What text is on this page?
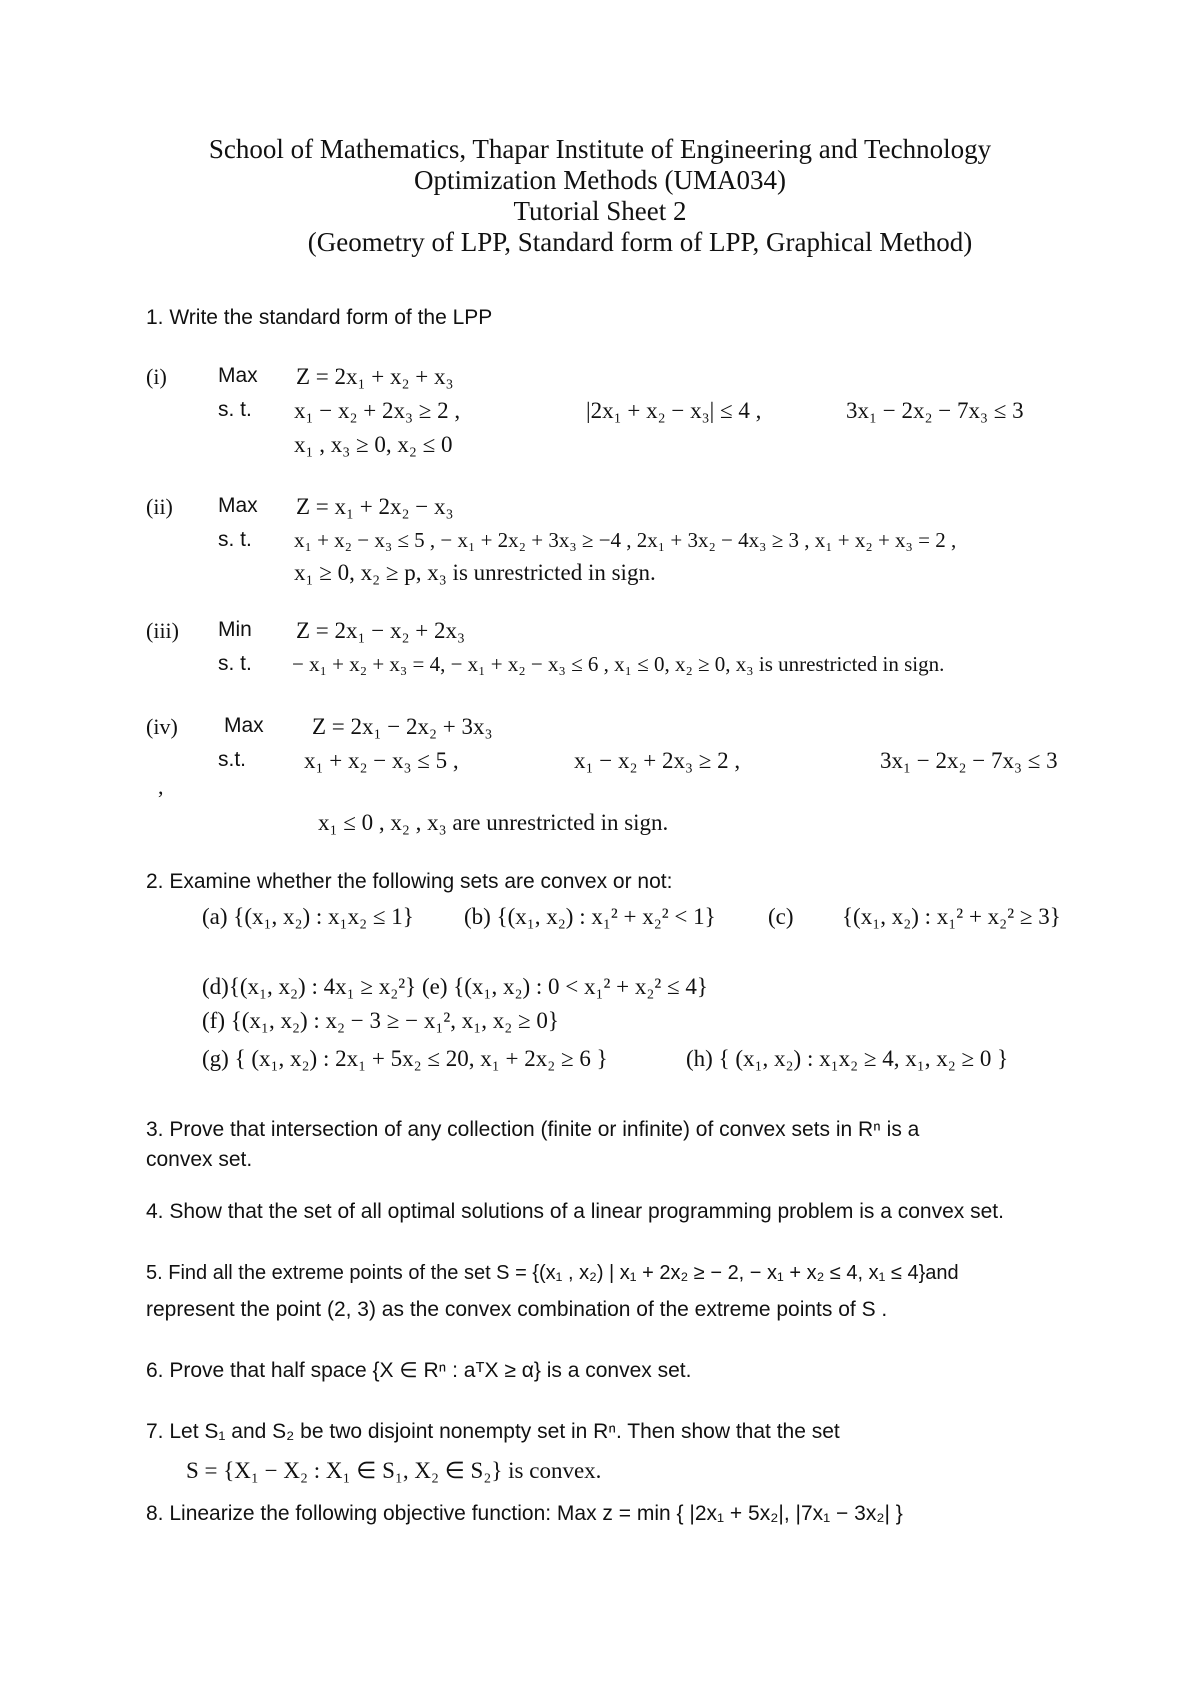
School of Mathematics, Thapar Institute of Engineering and Technology
Optimization Methods (UMA034)
Tutorial Sheet 2
(Geometry of LPP, Standard form of LPP, Graphical Method)
1. Write the standard form of the LPP
(i) Max Z = 2x₁ + x₂ + x₃
s. t. x₁ − x₂ + 2x₃ ≥ 2 ,	|2x₁ + x₂ − x₃| ≤ 4 ,	3x₁ − 2x₂ − 7x₃ ≤ 3
x₁ , x₃ ≥ 0, x₂ ≤ 0
(ii) Max Z = x₁ + 2x₂ − x₃
s. t. x₁ + x₂ − x₃ ≤ 5 , − x₁ + 2x₂ + 3x₃ ≥ −4 , 2x₁ + 3x₂ − 4x₃ ≥ 3 , x₁ + x₂ + x₃ = 2 ,
x₁ ≥ 0, x₂ ≥ p, x₃ is unrestricted in sign.
(iii) Min Z = 2x₁ − x₂ + 2x₃
s. t. − x₁ + x₂ + x₃ = 4, − x₁ + x₂ − x₃ ≤ 6 , x₁ ≤ 0, x₂ ≥ 0, x₃ is unrestricted in sign.
(iv) Max Z = 2x₁ − 2x₂ + 3x₃
s.t.	x₁ + x₂ − x₃ ≤ 5 ,	x₁ − x₂ + 2x₃ ≥ 2 ,	3x₁ − 2x₂ − 7x₃ ≤ 3
,
x₁ ≤ 0 , x₂ , x₃ are unrestricted in sign.
2. Examine whether the following sets are convex or not:
(a) {(x₁, x₂) : x₁x₂ ≤ 1} (b) {(x₁, x₂) : x₁² + x₂² < 1} (c) {(x₁, x₂) : x₁² + x₂² ≥ 3}
(d){(x₁, x₂) : 4x₁ ≥ x₂²} (e) {(x₁, x₂) : 0 < x₁² + x₂² ≤ 4}
(f) {(x₁, x₂) : x₂ − 3 ≥ − x₁², x₁, x₂ ≥ 0}
(g) { (x₁, x₂) : 2x₁ + 5x₂ ≤ 20, x₁ + 2x₂ ≥ 6 }	(h) { (x₁, x₂) : x₁x₂ ≥ 4, x₁, x₂ ≥ 0 }
3. Prove that intersection of any collection (finite or infinite) of convex sets in Rⁿ is a
convex set.
4. Show that the set of all optimal solutions of a linear programming problem is a convex set.
5. Find all the extreme points of the set S = {(x₁ , x₂) | x₁ + 2x₂ ≥ − 2, − x₁ + x₂ ≤ 4, x₁ ≤ 4}and
represent the point (2, 3) as the convex combination of the extreme points of S .
6. Prove that half space {X ∈ Rⁿ : aᵀX ≥ α} is a convex set.
7. Let S₁ and S₂ be two disjoint nonempty set in Rⁿ. Then show that the set
S = {X₁ − X₂ : X₁ ∈ S₁, X₂ ∈ S₂} is convex.
8. Linearize the following objective function: Max z = min { |2x₁ + 5x₂|, |7x₁ − 3x₂| }
